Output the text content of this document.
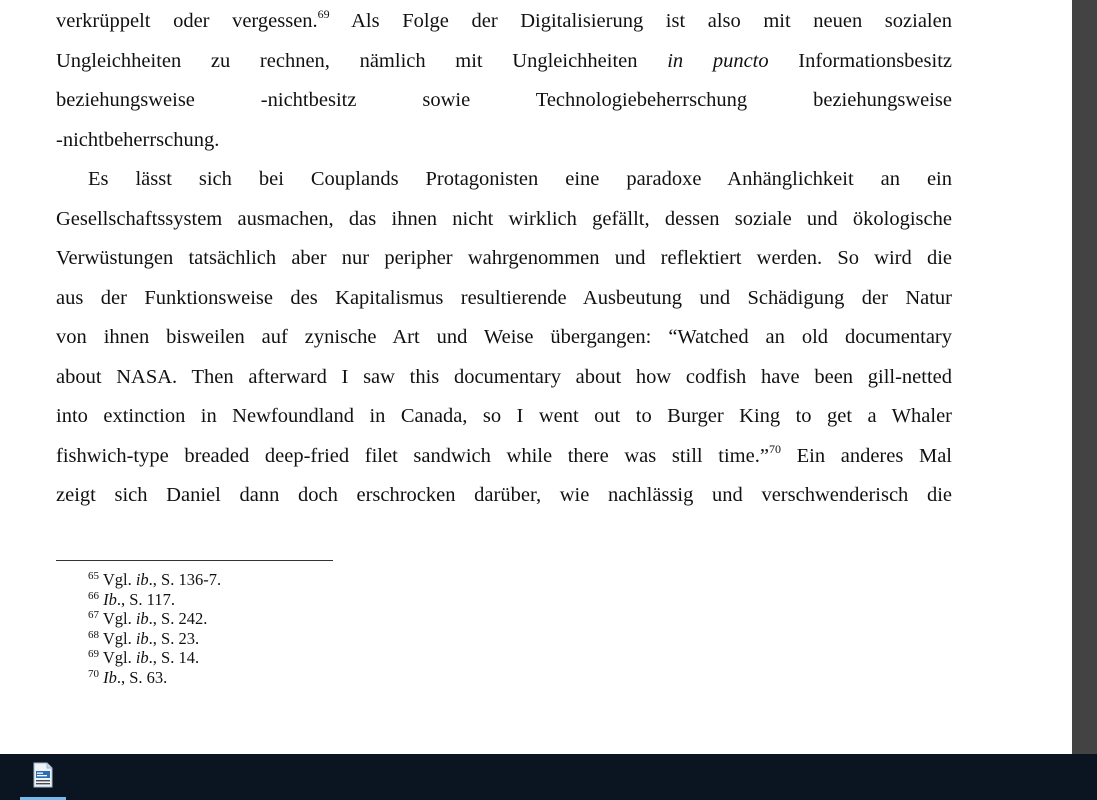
verkrüppelt oder vergessen.$^{69}$ Als Folge der Digitalisierung ist also mit neuen sozialen
Ungleichheiten zu rechnen, nämlich mit Ungleichheiten in puncto Informationsbesitz
beziehungsweise -nichtbesitz sowie Technologiebeherrschung beziehungsweise
-nichtbeherrschung.
Es lässt sich bei Couplands Protagonisten eine paradoxe Anhänglichkeit an ein
Gesellschaftssystem ausmachen, das ihnen nicht wirklich gefällt, dessen soziale und ökologische
Verwüstungen tatsächlich aber nur peripher wahrgenommen und reflektiert werden. So wird die
aus der Funktionsweise des Kapitalismus resultierende Ausbeutung und Schädigung der Natur
von ihnen bisweilen auf zynische Art und Weise übergangen: “Watched an old documentary
about NASA. Then afterward I saw this documentary about how codfish have been gill-netted
into extinction in Newfoundland in Canada, so I went out to Burger King to get a Whaler
fishwich-type breaded deep-fried filet sandwich while there was still time.”$^{70}$ Ein anderes Mal
zeigt sich Daniel dann doch erschrocken darüber, wie nachlässig und verschwenderisch die
$^{65}$ Vgl. ib., S. 136-7.
$^{66}$ Ib., S. 117.
$^{67}$ Vgl. ib., S. 242.
$^{68}$ Vgl. ib., S. 23.
$^{69}$ Vgl. ib., S. 14.
$^{70}$ Ib., S. 63.
